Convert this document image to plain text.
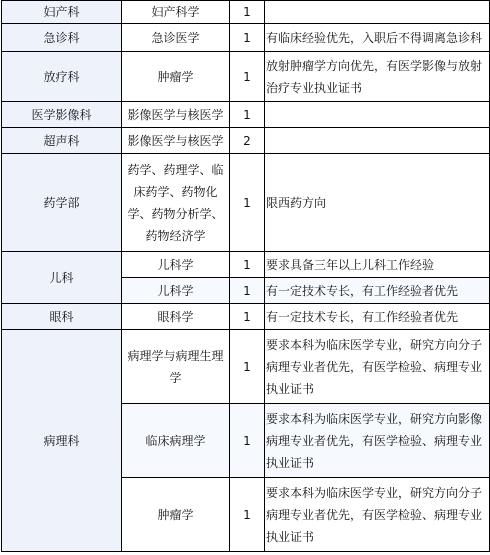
妇产科	妇产科学	1	
急诊科	急诊医学	1	有临床经验优先，入职后不得调离急诊科
放疗科	肿瘤学	1	放射肿瘤学方向优先，有医学影像与放射治疗专业执业证书
医学影像科	影像医学与核医学	1	
超声科	影像医学与核医学	2	
药学部	药学、药理学、临床药学、药物化学、药物分析学、药物经济学	1	限西药方向
儿科	儿科学	1	要求具备三年以上儿科工作经验
	儿科学	1	有一定技术专长，有工作经验者优先
眼科	眼科学	1	有一定技术专长，有工作经验者优先
病理科	病理学与病理生理学	1	要求本科为临床医学专业，研究方向分子病理专业者优先，有医学检验、病理专业执业证书
	临床病理学	1	要求本科为临床医学专业，研究方向影像病理专业者优先，有医学检验、病理专业执业证书
	肿瘤学	1	要求本科为临床医学专业，研究方向分子病理专业者优先，有医学检验、病理专业执业证书
